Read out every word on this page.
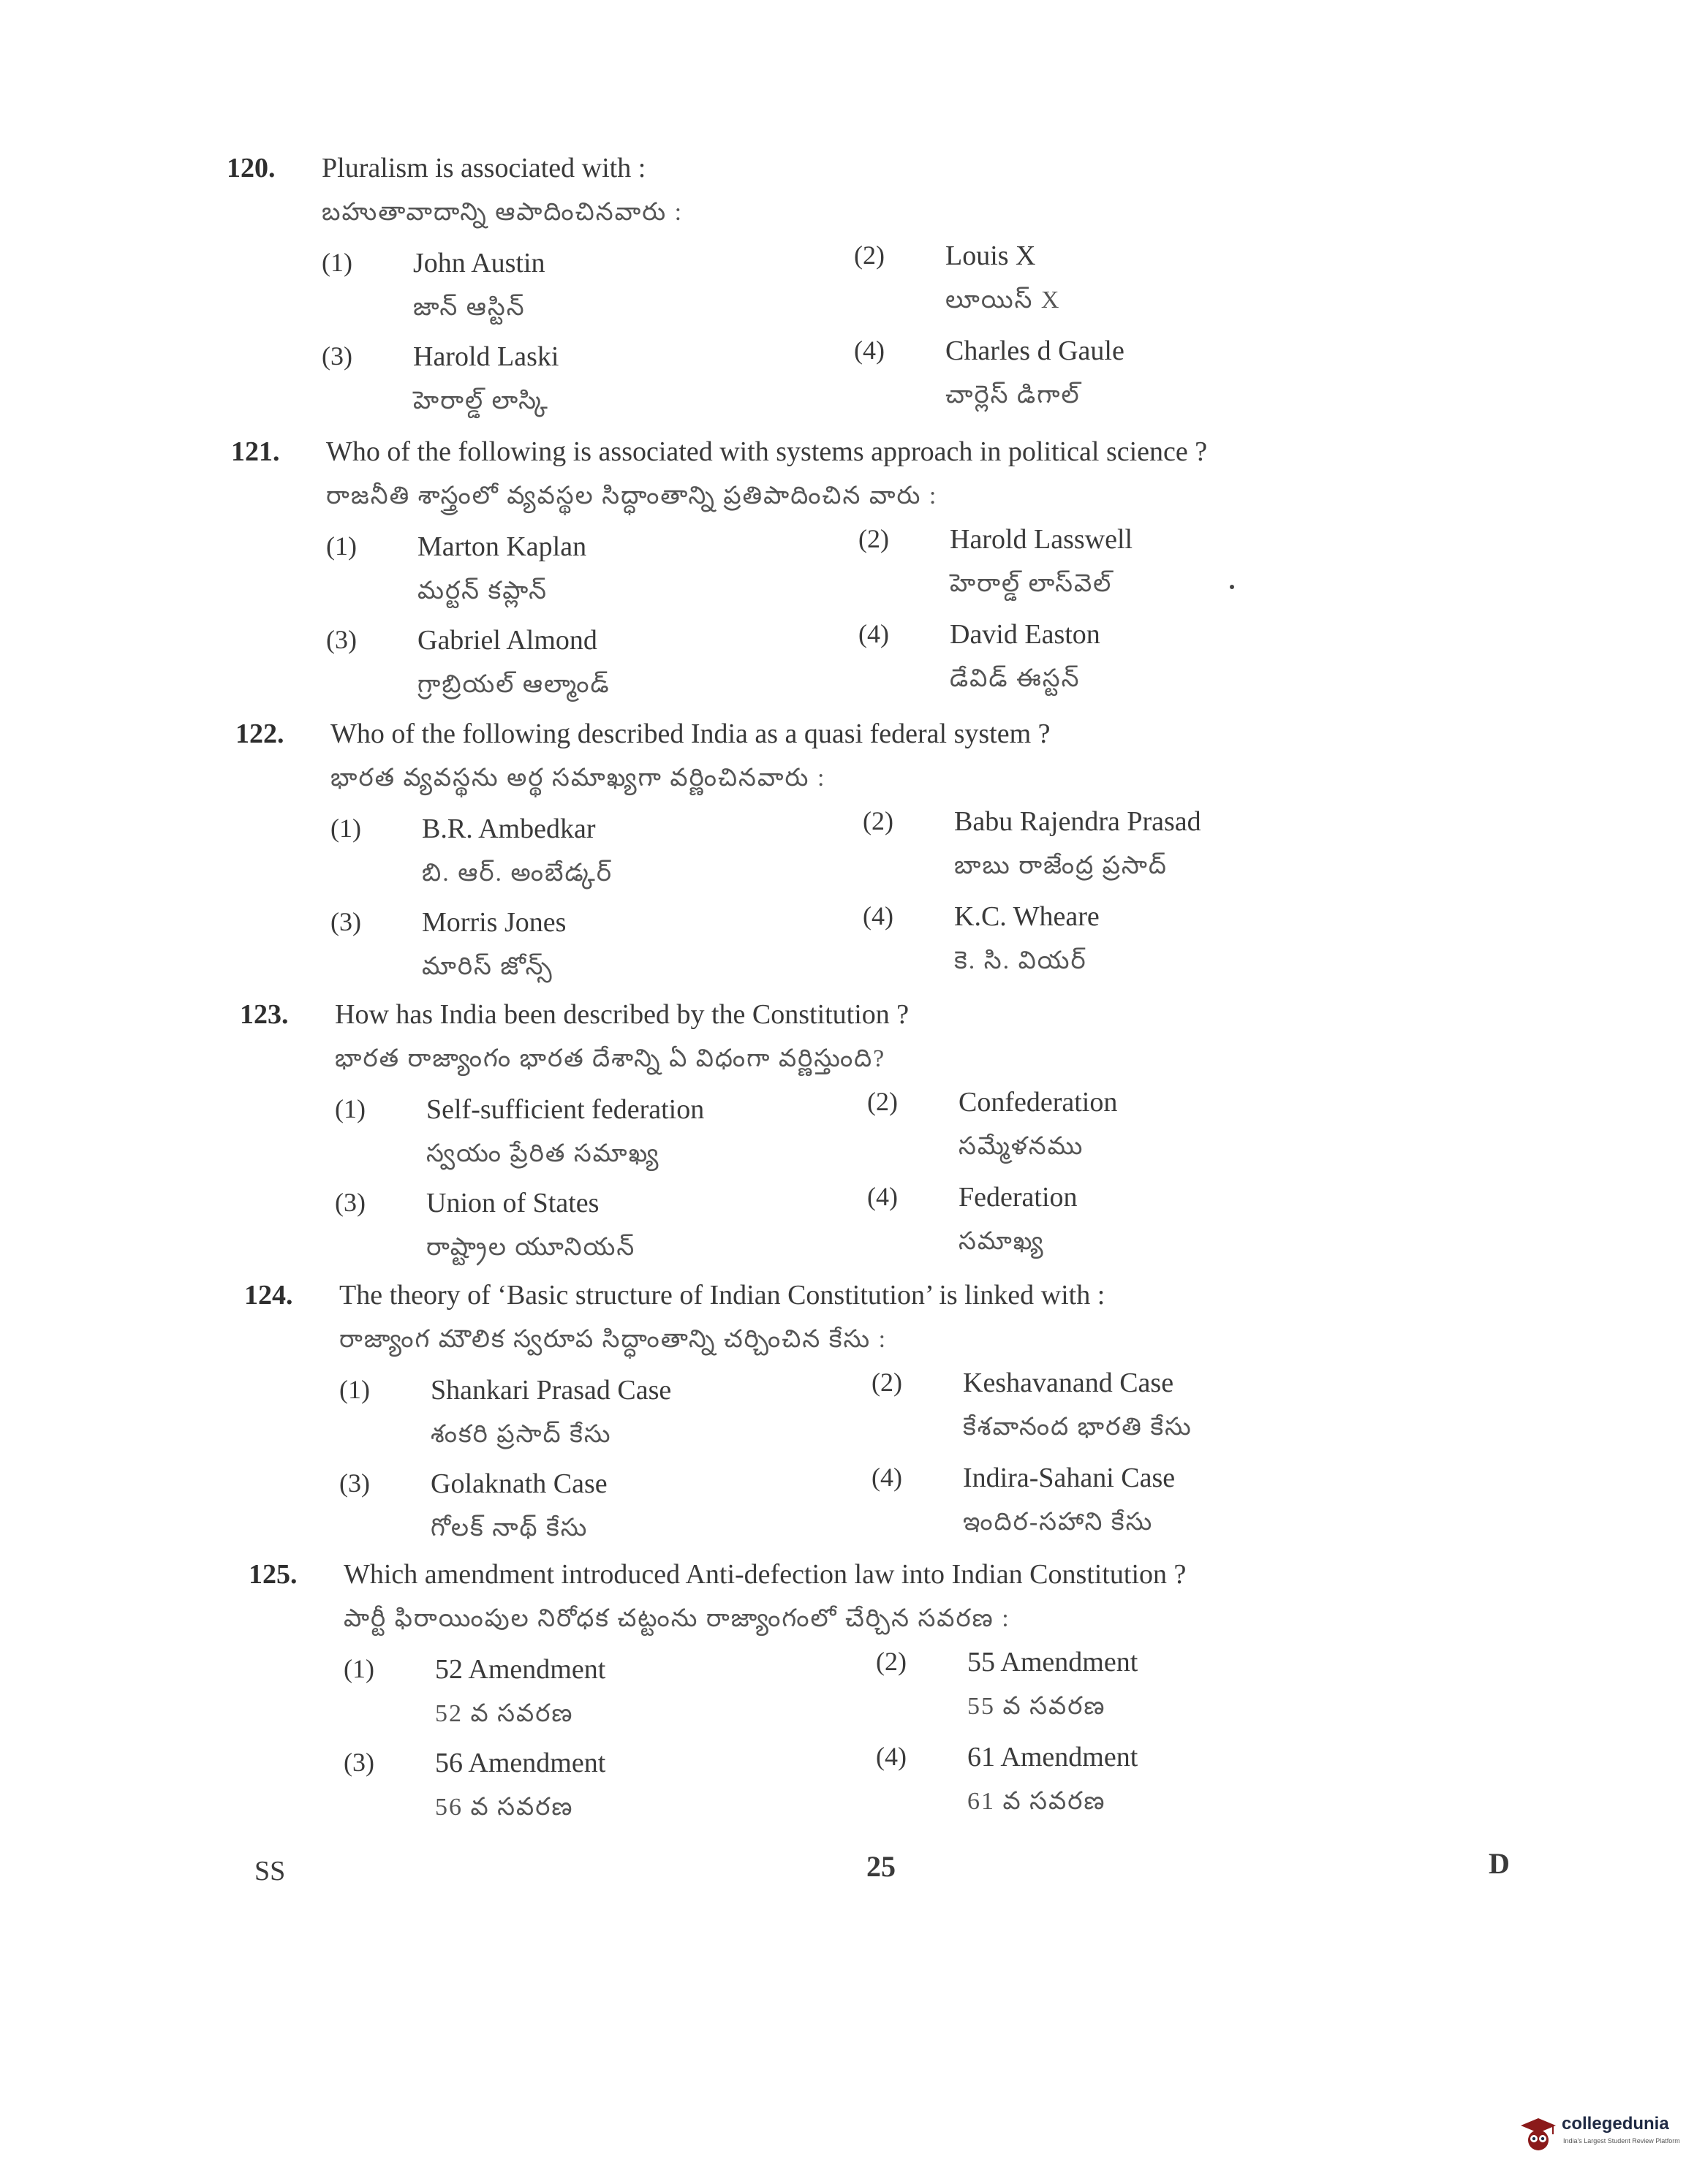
120. Pluralism is associated with :
బహుతావాదాన్ని ఆపాదించినవారు :
(1) John Austin
జాన్ ఆస్టిన్
(2) Louis X
లూయిస్ X
(3) Harold Laski
హెరాల్డ్ లాస్కి
(4) Charles d Gaule
చార్లెస్ డిగాల్
121. Who of the following is associated with systems approach in political science ?
రాజనీతి శాస్త్రంలో వ్యవస్థల సిద్ధాంతాన్ని ప్రతిపాదించిన వారు :
(1) Marton Kaplan
మర్టన్ కప్లాన్
(2) Harold Lasswell
హెరాల్డ్ లాస్‌వెల్
(3) Gabriel Almond
గ్రాబ్రియల్ ఆల్మాండ్
(4) David Easton
డేవిడ్ ఈస్టన్
122. Who of the following described India as a quasi federal system ?
భారత వ్యవస్థను అర్థ సమాఖ్యగా వర్ణించినవారు :
(1) B.R. Ambedkar
బి. ఆర్. అంబేడ్కర్
(2) Babu Rajendra Prasad
బాబు రాజేంద్ర ప్రసాద్
(3) Morris Jones
మారిస్ జోన్స్
(4) K.C. Wheare
కె. సి. వియర్
123. How has India been described by the Constitution ?
భారత రాజ్యాంగం భారత దేశాన్ని ఏ విధంగా వర్ణిస్తుంది?
(1) Self-sufficient federation
స్వయం ప్రేరిత సమాఖ్య
(2) Confederation
సమ్మేళనము
(3) Union of States
రాష్ట్రాల యూనియన్
(4) Federation
సమాఖ్య
124. The theory of ‘Basic structure of Indian Constitution’ is linked with :
రాజ్యాంగ మౌలిక స్వరూప సిద్ధాంతాన్ని చర్చించిన కేసు :
(1) Shankari Prasad Case
శంకరి ప్రసాద్ కేసు
(2) Keshavanand Case
కేశవానంద భారతి కేసు
(3) Golaknath Case
గోలక్ నాథ్ కేసు
(4) Indira-Sahani Case
ఇందిర-సహాని కేసు
125. Which amendment introduced Anti-defection law into Indian Constitution ?
పార్టీ ఫిరాయింపుల నిరోధక చట్టంను రాజ్యాంగంలో చేర్చిన సవరణ :
(1) 52 Amendment
52 వ సవరణ
(2) 55 Amendment
55 వ సవరణ
(3) 56 Amendment
56 వ సవరణ
(4) 61 Amendment
61 వ సవరణ
SS	25	D
collegedunia
India's Largest Student Review Platform
